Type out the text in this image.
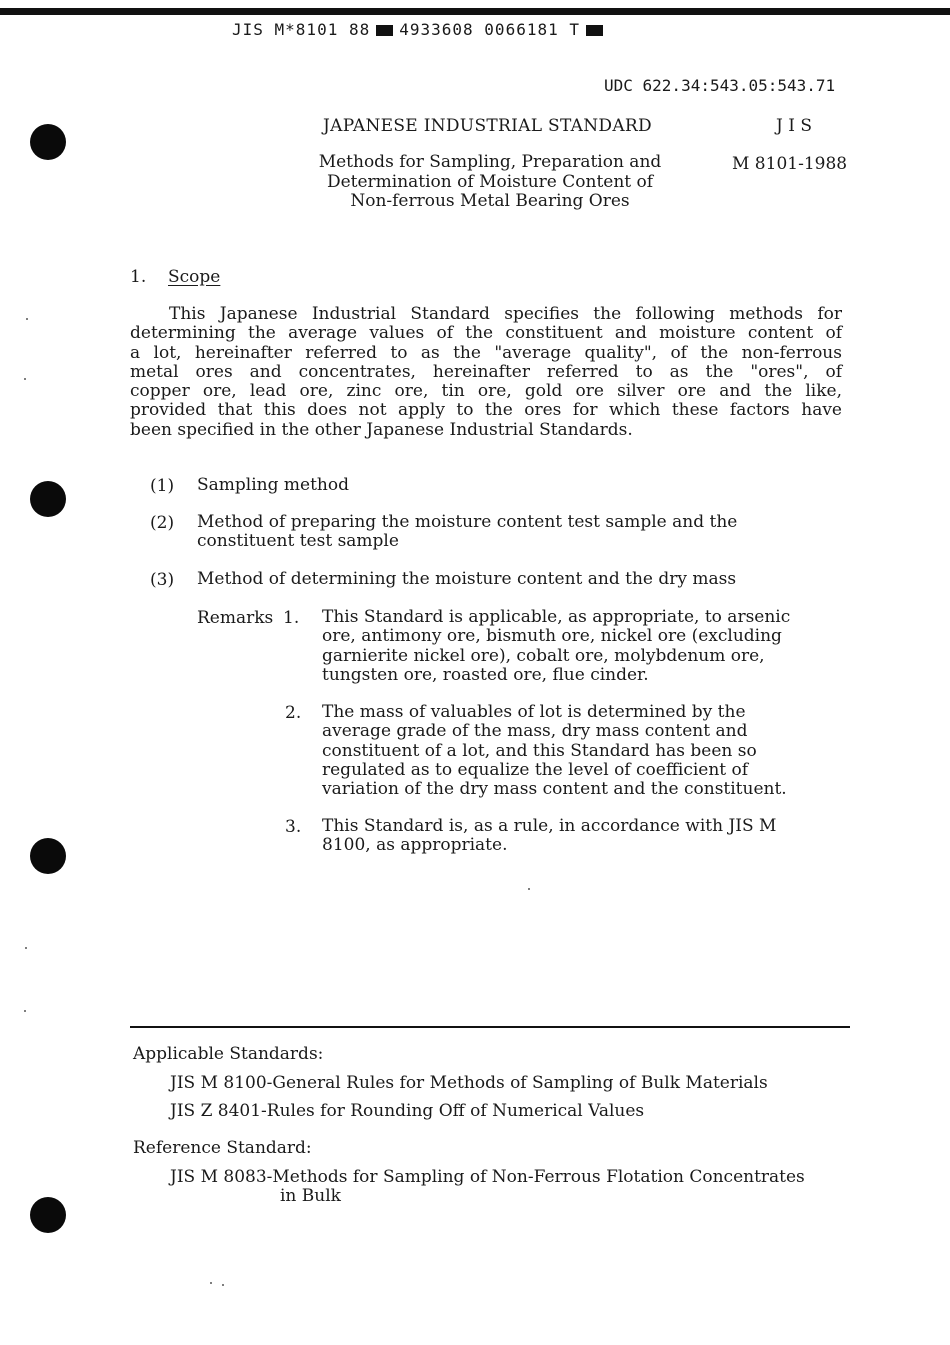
JIS M*8101 88 4933608 0066181 T
UDC 622.34:543.05:543.71
JAPANESE INDUSTRIAL STANDARD	J I S
M 8101-1988
Methods for Sampling, Preparation and
Determination of Moisture Content of
Non-ferrous Metal Bearing Ores
1. Scope
This Japanese Industrial Standard specifies the following methods for
determining the average values of the constituent and moisture content of
a lot, hereinafter referred to as the "average quality", of the non-ferrous
metal ores and concentrates, hereinafter referred to as the "ores", of
copper ore, lead ore, zinc ore, tin ore, gold ore silver ore and the like,
provided that this does not apply to the ores for which these factors have
been specified in the other Japanese Industrial Standards.
(1) Sampling method
(2) Method of preparing the moisture content test sample and the
constituent test sample
(3) Method of determining the moisture content and the dry mass
Remarks 1. This Standard is applicable, as appropriate, to arsenic
ore, antimony ore, bismuth ore, nickel ore (excluding
garnierite nickel ore), cobalt ore, molybdenum ore,
tungsten ore, roasted ore, flue cinder.
2. The mass of valuables of lot is determined by the
average grade of the mass, dry mass content and
constituent of a lot, and this Standard has been so
regulated as to equalize the level of coefficient of
variation of the dry mass content and the constituent.
3. This Standard is, as a rule, in accordance with JIS M
8100, as appropriate.
Applicable Standards:
JIS M 8100-General Rules for Methods of Sampling of Bulk Materials
JIS Z 8401-Rules for Rounding Off of Numerical Values
Reference Standard:
JIS M 8083-Methods for Sampling of Non-Ferrous Flotation Concentrates
in Bulk
